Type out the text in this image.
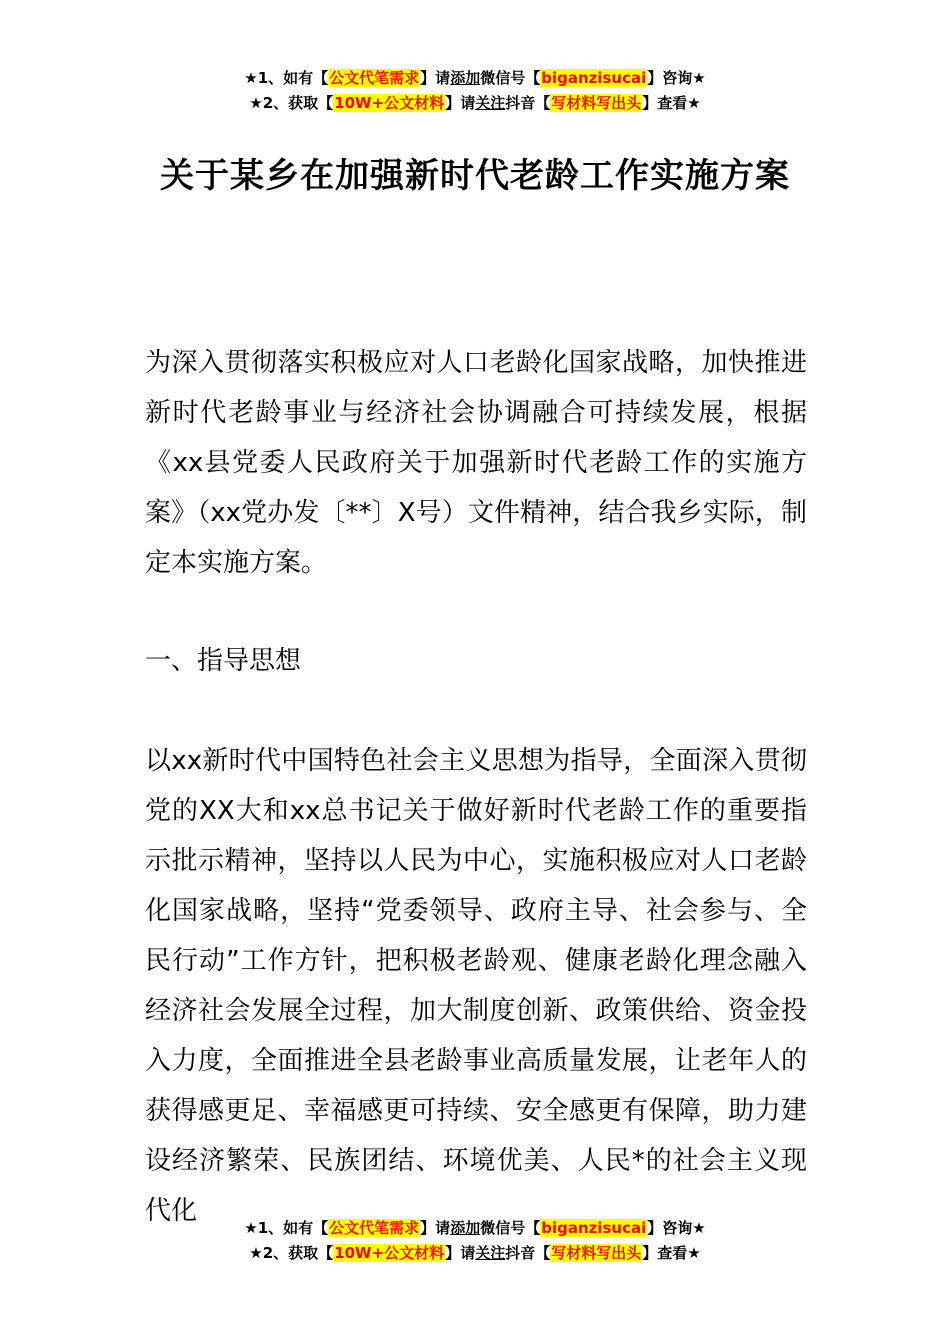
★1、如有【公文代笔需求】请添加微信号【biganzisucai】咨询★
★2、获取【10W+公文材料】请关注抖音【写材料写出头】查看★
关于某乡在加强新时代老龄工作实施方案

为深入贯彻落实积极应对人口老龄化国家战略，加快推进新时代老龄事业与经济社会协调融合可持续发展，根据《xx县党委人民政府关于加强新时代老龄工作的实施方案》（xx党办发〔**〕X号）文件精神，结合我乡实际，制定本实施方案。

一、指导思想

以xx新时代中国特色社会主义思想为指导，全面深入贯彻党的XX大和xx总书记关于做好新时代老龄工作的重要指示批示精神，坚持以人民为中心，实施积极应对人口老龄化国家战略，坚持“党委领导、政府主导、社会参与、全民行动”工作方针，把积极老龄观、健康老龄化理念融入经济社会发展全过程，加大制度创新、政策供给、资金投入力度，全面推进全县老龄事业高质量发展，让老年人的获得感更足、幸福感更可持续、安全感更有保障，助力建设经济繁荣、民族团结、环境优美、人民*的社会主义现代化

★1、如有【公文代笔需求】请添加微信号【biganzisucai】咨询★
★2、获取【10W+公文材料】请关注抖音【写材料写出头】查看★
